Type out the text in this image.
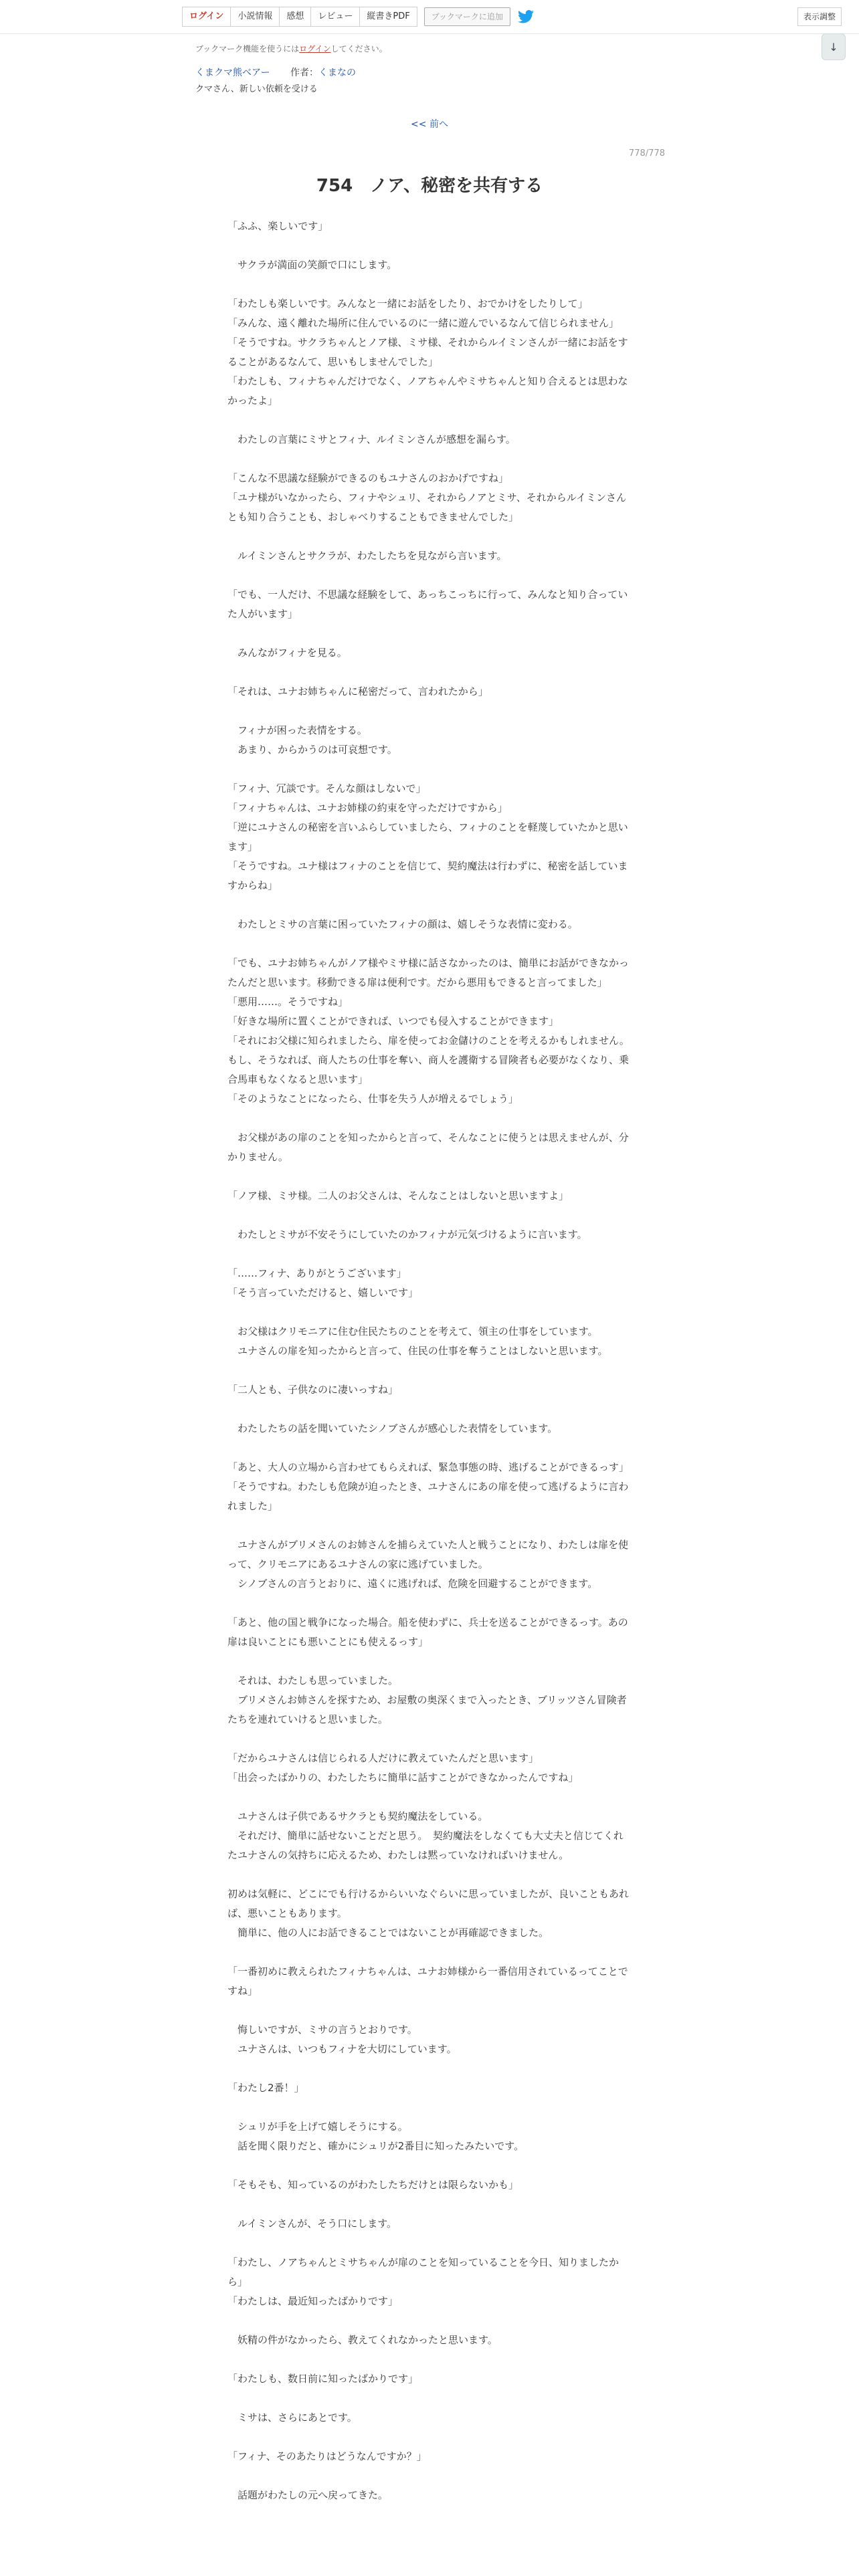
ログイン	小説情報	感想	レビュー	縦書きPDF	ブックマークに追加	表示調整
ブックマーク機能を使うにはログインしてください。	↓
くまクマ熊ベアー 作者：くまなの
クマさん、新しい依頼を受ける
<< 前へ
778/778
754　ノア、秘密を共有する
「ふふ、楽しいです」
　サクラが満面の笑顔で口にします。
「わたしも楽しいです。みんなと一緒にお話をしたり、おでかけをしたりして」
「みんな、遠く離れた場所に住んでいるのに一緒に遊んでいるなんて信じられません」
「そうですね。サクラちゃんとノア様、ミサ様、それからルイミンさんが一緒にお話をすることがあるなんて、思いもしませんでした」
「わたしも、フィナちゃんだけでなく、ノアちゃんやミサちゃんと知り合えるとは思わなかったよ」
　わたしの言葉にミサとフィナ、ルイミンさんが感想を漏らす。
「こんな不思議な経験ができるのもユナさんのおかげですね」
「ユナ様がいなかったら、フィナやシュリ、それからノアとミサ、それからルイミンさんとも知り合うことも、おしゃべりすることもできませんでした」
　ルイミンさんとサクラが、わたしたちを見ながら言います。
「でも、一人だけ、不思議な経験をして、あっちこっちに行って、みんなと知り合っていた人がいます」
　みんながフィナを見る。
「それは、ユナお姉ちゃんに秘密だって、言われたから」
　フィナが困った表情をする。
　あまり、からかうのは可哀想です。
「フィナ、冗談です。そんな顔はしないで」
「フィナちゃんは、ユナお姉様の約束を守っただけですから」
「逆にユナさんの秘密を言いふらしていましたら、フィナのことを軽蔑していたかと思います」
「そうですね。ユナ様はフィナのことを信じて、契約魔法は行わずに、秘密を話していますからね」
　わたしとミサの言葉に困っていたフィナの顔は、嬉しそうな表情に変わる。
「でも、ユナお姉ちゃんがノア様やミサ様に話さなかったのは、簡単にお話ができなかったんだと思います。移動できる扉は便利です。だから悪用もできると言ってました」
「悪用……。そうですね」
「好きな場所に置くことができれば、いつでも侵入することができます」
「それにお父様に知られましたら、扉を使ってお金儲けのことを考えるかもしれません。もし、そうなれば、商人たちの仕事を奪い、商人を護衛する冒険者も必要がなくなり、乗合馬車もなくなると思います」
「そのようなことになったら、仕事を失う人が増えるでしょう」
　お父様があの扉のことを知ったからと言って、そんなことに使うとは思えませんが、分かりません。
「ノア様、ミサ様。二人のお父さんは、そんなことはしないと思いますよ」
　わたしとミサが不安そうにしていたのかフィナが元気づけるように言います。
「……フィナ、ありがとうございます」
「そう言っていただけると、嬉しいです」
　お父様はクリモニアに住む住民たちのことを考えて、領主の仕事をしています。
　ユナさんの扉を知ったからと言って、住民の仕事を奪うことはしないと思います。
「二人とも、子供なのに凄いっすね」
　わたしたちの話を聞いていたシノブさんが感心した表情をしています。
「あと、大人の立場から言わせてもらえれば、緊急事態の時、逃げることができるっす」
「そうですね。わたしも危険が迫ったとき、ユナさんにあの扉を使って逃げるように言われました」
　ユナさんがブリメさんのお姉さんを捕らえていた人と戦うことになり、わたしは扉を使って、クリモニアにあるユナさんの家に逃げていました。
　シノブさんの言うとおりに、遠くに逃げれば、危険を回避することができます。
「あと、他の国と戦争になった場合。船を使わずに、兵士を送ることができるっす。あの扉は良いことにも悪いことにも使えるっす」
　それは、わたしも思っていました。
　ブリメさんお姉さんを探すため、お屋敷の奥深くまで入ったとき、ブリッツさん冒険者たちを連れていけると思いました。
「だからユナさんは信じられる人だけに教えていたんだと思います」
「出会ったばかりの、わたしたちに簡単に話すことができなかったんですね」
　ユナさんは子供であるサクラとも契約魔法をしている。
　それだけ、簡単に話せないことだと思う。　契約魔法をしなくても大丈夫と信じてくれたユナさんの気持ちに応えるため、わたしは黙っていなければいけません。
初めは気軽に、どこにでも行けるからいいなぐらいに思っていましたが、良いこともあれば、悪いこともあります。
　簡単に、他の人にお話できることではないことが再確認できました。
「一番初めに教えられたフィナちゃんは、ユナお姉様から一番信用されているってことですね」
　悔しいですが、ミサの言うとおりです。
　ユナさんは、いつもフィナを大切にしています。
「わたし2番！」
　シュリが手を上げて嬉しそうにする。
　話を聞く限りだと、確かにシュリが2番目に知ったみたいです。
「そもそも、知っているのがわたしたちだけとは限らないかも」
　ルイミンさんが、そう口にします。
「わたし、ノアちゃんとミサちゃんが扉のことを知っていることを今日、知りましたから」
「わたしは、最近知ったばかりです」
　妖精の件がなかったら、教えてくれなかったと思います。
「わたしも、数日前に知ったばかりです」
　ミサは、さらにあとです。
「フィナ、そのあたりはどうなんですか？」
　話題がわたしの元へ戻ってきた。
